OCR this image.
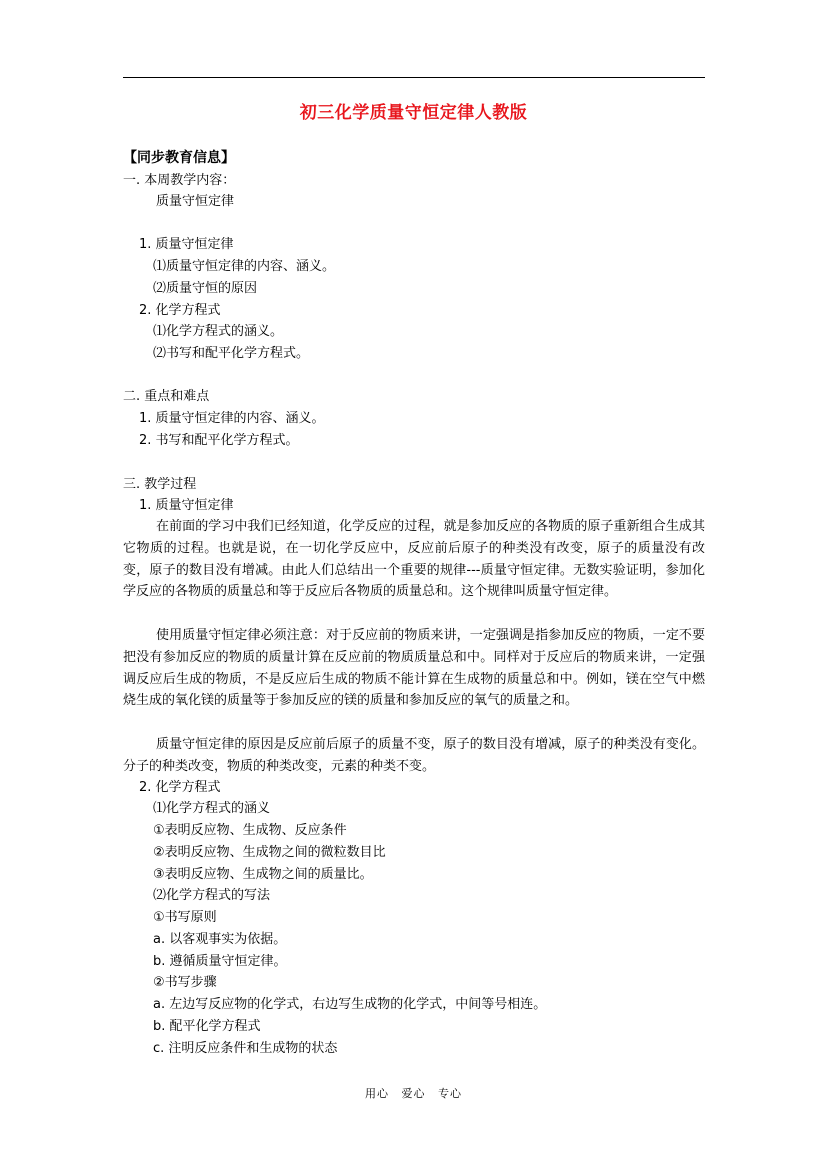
初三化学质量守恒定律人教版
【同步教育信息】
一. 本周教学内容：
质量守恒定律
1. 质量守恒定律
⑴质量守恒定律的内容、涵义。
⑵质量守恒的原因
2. 化学方程式
⑴化学方程式的涵义。
⑵书写和配平化学方程式。
二. 重点和难点
1. 质量守恒定律的内容、涵义。
2. 书写和配平化学方程式。
三. 教学过程
1. 质量守恒定律
在前面的学习中我们已经知道，化学反应的过程，就是参加反应的各物质的原子重新组合生成其它物质的过程。也就是说，在一切化学反应中，反应前后原子的种类没有改变，原子的质量没有改变，原子的数目没有增减。由此人们总结出一个重要的规律---质量守恒定律。无数实验证明，参加化学反应的各物质的质量总和等于反应后各物质的质量总和。这个规律叫质量守恒定律。
使用质量守恒定律必须注意：对于反应前的物质来讲，一定强调是指参加反应的物质，一定不要把没有参加反应的物质的质量计算在反应前的物质质量总和中。同样对于反应后的物质来讲，一定强调反应后生成的物质，不是反应后生成的物质不能计算在生成物的质量总和中。例如，镁在空气中燃烧生成的氧化镁的质量等于参加反应的镁的质量和参加反应的氧气的质量之和。
质量守恒定律的原因是反应前后原子的质量不变，原子的数目没有增减，原子的种类没有变化。分子的种类改变，物质的种类改变，元素的种类不变。
2. 化学方程式
⑴化学方程式的涵义
①表明反应物、生成物、反应条件
②表明反应物、生成物之间的微粒数目比
③表明反应物、生成物之间的质量比。
⑵化学方程式的写法
①书写原则
a. 以客观事实为依据。
b. 遵循质量守恒定律。
②书写步骤
a. 左边写反应物的化学式，右边写生成物的化学式，中间等号相连。
b. 配平化学方程式
c. 注明反应条件和生成物的状态
用心 爱心 专心
